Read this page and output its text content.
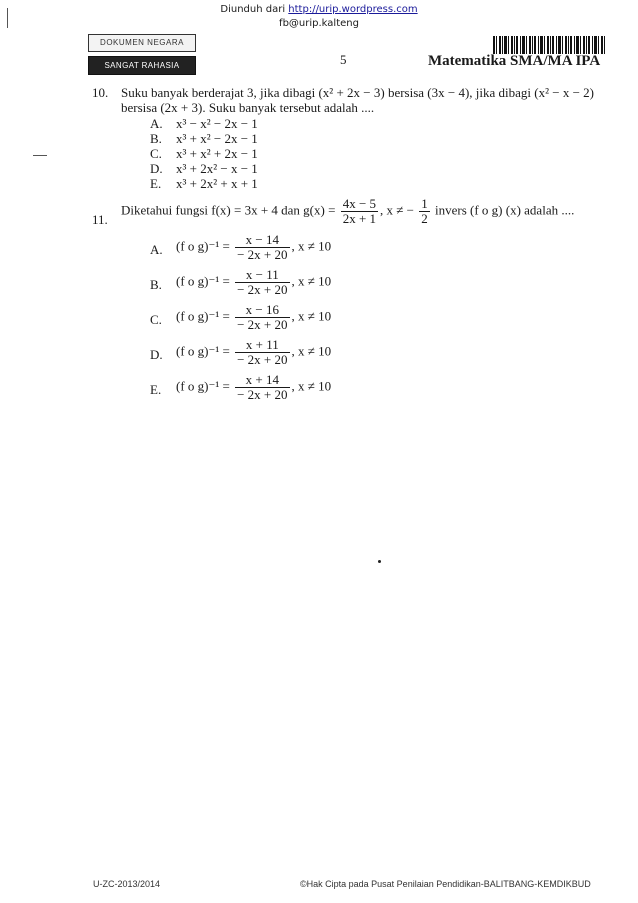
Diunduh dari http://urip.wordpress.com
fb@urip.kalteng
DOKUMEN NEGARA
SANGAT RAHASIA	5	Matematika SMA/MA IPA
10. Suku banyak berderajat 3, jika dibagi (x² + 2x − 3) bersisa (3x − 4), jika dibagi (x² − x − 2)
bersisa (2x + 3). Suku banyak tersebut adalah ....
A. x³ − x² − 2x − 1
B. x³ + x² − 2x − 1
C. x³ + x² + 2x − 1
D. x³ + 2x² − x − 1
E. x³ + 2x² + x + 1
11.
Diketahui fungsi f(x) = 3x + 4 dan $g(x) = \frac{4x - 5}{2x + 1}$ , x ≠ − $\frac{1}{2}$ invers (f o g) (x) adalah ....
A. (f o $g)^{-1} = \frac{x - 14}{- 2x + 20}$ , x ≠ 10
B. (f o $g)^{-1} = \frac{x - 11}{- 2x + 20}$ , x ≠ 10
C. (f o $g)^{-1} = \frac{x - 16}{- 2x + 20}$ , x ≠ 10
D. (f o $g)^{-1} = \frac{x + 11}{- 2x + 20}$ , x ≠ 10
E. (f o $g)^{-1} = \frac{x + 14}{- 2x + 20}$ , x ≠ 10
U-ZC-2013/2014	©Hak Cipta pada Pusat Penilaian Pendidikan-BALITBANG-KEMDIKBUD
